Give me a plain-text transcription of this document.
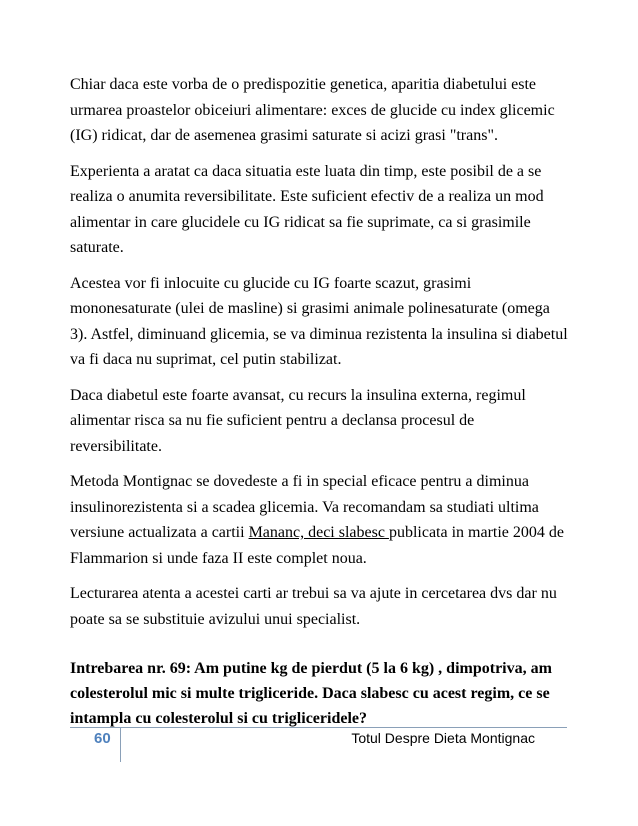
Chiar daca este vorba de o predispozitie genetica, aparitia diabetului este urmarea proastelor obiceiuri alimentare: exces de glucide cu index glicemic (IG) ridicat, dar de asemenea grasimi saturate si acizi grasi "trans".

Experienta a aratat ca daca situatia este luata din timp, este posibil de a se realiza o anumita reversibilitate. Este suficient efectiv de a realiza un mod alimentar in care glucidele cu IG ridicat sa fie suprimate, ca si grasimile saturate.

Acestea vor fi inlocuite cu glucide cu IG foarte scazut, grasimi mononesaturate (ulei de masline) si grasimi animale polinesaturate (omega 3). Astfel, diminuand glicemia, se va diminua rezistenta la insulina si diabetul va fi daca nu suprimat, cel putin stabilizat.

Daca diabetul este foarte avansat, cu recurs la insulina externa, regimul alimentar risca sa nu fie suficient pentru a declansa procesul de reversibilitate.

Metoda Montignac se dovedeste a fi in special eficace pentru a diminua insulinorezistenta si a scadea glicemia. Va recomandam sa studiati ultima versiune actualizata a cartii Mananc, deci slabesc publicata in martie 2004 de Flammarion si unde faza II este complet noua.

Lecturarea atenta a acestei carti ar trebui sa va ajute in cercetarea dvs dar nu poate sa se substituie avizului unui specialist.

Intrebarea nr. 69: Am putine kg de pierdut (5 la 6 kg) , dimpotriva, am colesterolul mic si multe trigliceride. Daca slabesc cu acest regim, ce se intampla cu colesterolul si cu trigliceridele?

60	Totul Despre Dieta Montignac
